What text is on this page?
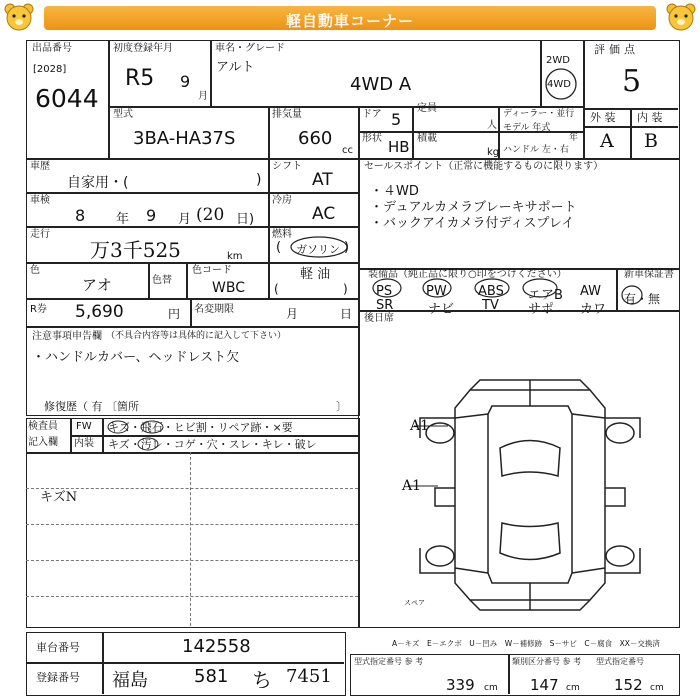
軽自動車コーナー
出品番号
[2028]
6044
初度登録年月
R5 9
月
車名・グレード
アルト
4WD A
2WD
4WD
評価点
5
型式
3BA-HA37S
排気量
660
cc
ドア 5
定員
人
形状 HB 積載
kg
ディーラー・並行
モデル 年式
年
ハンドル 左・右
外 装 内 装
A B
車歴
自家用・(	)
シフト
AT
車検
8 年 9 月 (20 日)
冷房
AC
走行
万3千525	km
燃料
( ガソリン )
軽 油
色
アオ	色替
色コード
WBC (	)
R券 5,690	円 名変期限	月	日
セールスポイント（正常に機能するものに限ります）
・４WD
・デュアルカメラブレーキサポート
・バックアイカメラ付ディスプレイ
装備品（純正品に限り○印をつけください）	新車保証書
PS	PW ABS エアB AW
SR	ナビ TV サポ カワ
有・無
後日席
注意事項申告欄 （不具合内容等は具体的に記入して下さい）
・ハンドルカバー、ヘッドレスト欠
修復歴（ 有 〔箇所	〕
検査員
記入欄
FW
内装
キズ・飛石・ヒビ割・リペア跡・×要
キズ・汚レ・コゲ・穴・スレ・キレ・破レ
キズN
A1
A1
スペア
車台番号	142558
登録番号 福島	581 ち 7451
A－キズ　E－エクボ　U－凹み　W－補修跡　S－サビ　C－腐食　XX－交換済
型式指定番号 参 考
339 cm
類別区分番号 参 考
147 cm
型式指定番号
152 cm
